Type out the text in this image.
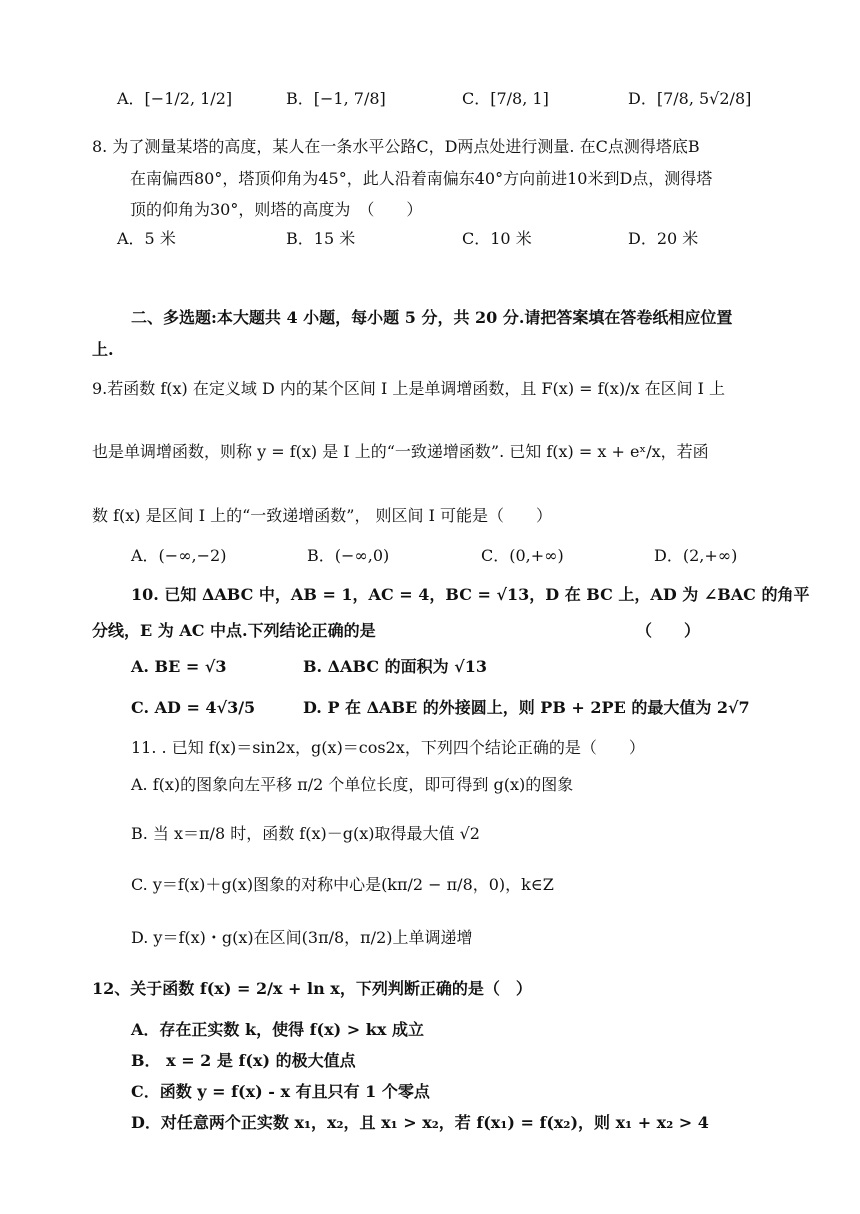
A．[−1/2, 1/2]	B．[−1, 7/8]	C．[7/8, 1]	D．[7/8, 5√2/8]
8. 为了测量某塔的高度，某人在一条水平公路C，D两点处进行测量. 在C点测得塔底B
在南偏西80°，塔顶仰角为45°，此人沿着南偏东40°方向前进10米到D点，测得塔
顶的仰角为30°，则塔的高度为　（　　）
A．5 米	B．15 米	C．10 米	D．20 米
二、多选题:本大题共 4 小题，每小题 5 分，共 20 分.请把答案填在答卷纸相应位置
上.
9.若函数 f(x) 在定义域 D 内的某个区间 I 上是单调增函数，且 F(x) = f(x)/x 在区间 I 上
也是单调增函数，则称 y = f(x) 是 I 上的“一致递增函数”. 已知 f(x) = x + eˣ/x，若函
数 f(x) 是区间 I 上的“一致递增函数”， 则区间 I 可能是（　　）
A．(−∞,−2)	B．(−∞,0)	C．(0,+∞)	D．(2,+∞)
10. 已知 ΔABC 中，AB = 1，AC = 4，BC = √13，D 在 BC 上，AD 为 ∠BAC 的角平
分线，E 为 AC 中点.下列结论正确的是	（　　）
A. BE = √3	B. ΔABC 的面积为 √13
C. AD = 4√3/5	D. P 在 ΔABE 的外接圆上，则 PB + 2PE 的最大值为 2√7
11. . 已知 f(x)＝sin2x，g(x)＝cos2x，下列四个结论正确的是（　　）
A. f(x)的图象向左平移 π/2 个单位长度，即可得到 g(x)的图象
B. 当 x＝π/8 时，函数 f(x)－g(x)取得最大值 √2
C. y＝f(x)＋g(x)图象的对称中心是(kπ/2 − π/8，0)，k∈Z
D. y＝f(x)・g(x)在区间(3π/8，π/2)上单调递增
12、关于函数 f(x) = 2/x + ln x，下列判断正确的是（　）
A．存在正实数 k，使得 f(x) > kx 成立
B． x = 2 是 f(x) 的极大值点
C．函数 y = f(x) - x 有且只有 1 个零点
D．对任意两个正实数 x₁，x₂，且 x₁ > x₂，若 f(x₁) = f(x₂)，则 x₁ + x₂ > 4
